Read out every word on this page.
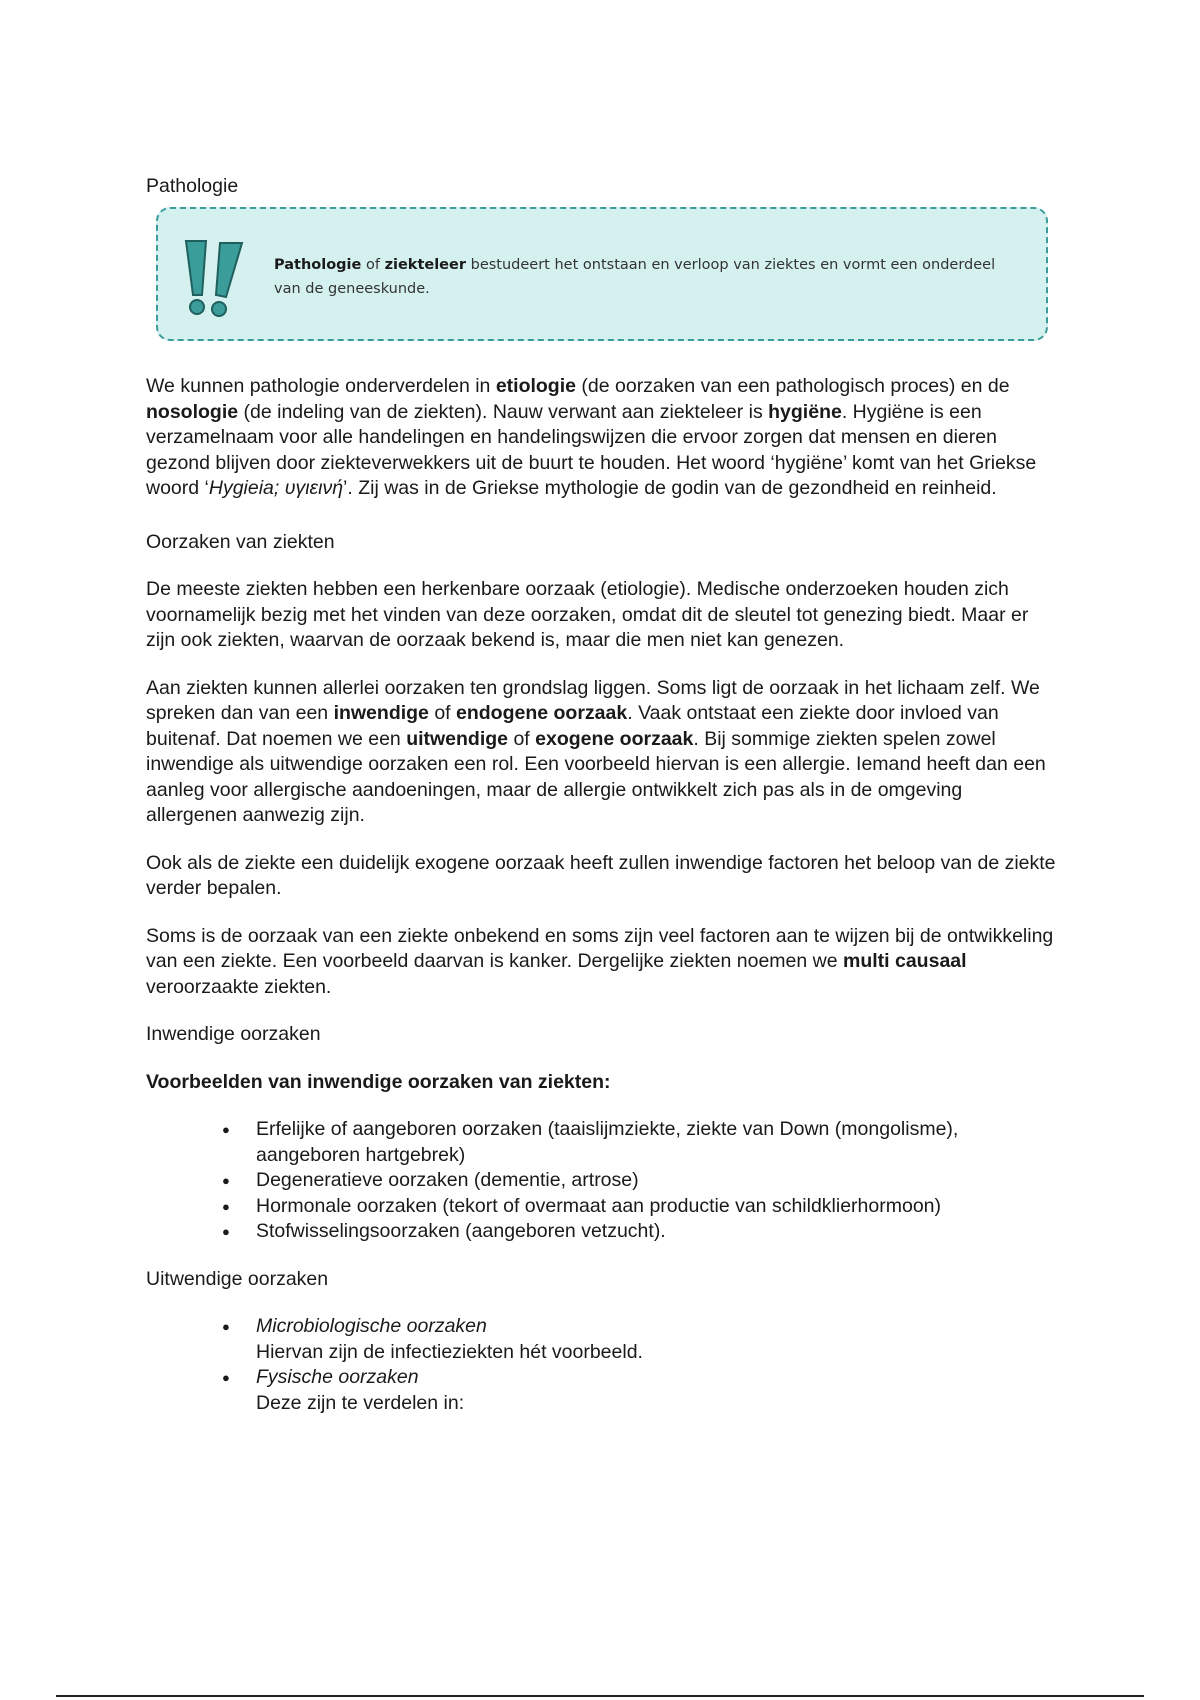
Pathologie

Pathologie of ziekteleer bestudeert het ontstaan en verloop van ziektes en vormt een onderdeel van de geneeskunde.

We kunnen pathologie onderverdelen in etiologie (de oorzaken van een pathologisch proces) en de nosologie (de indeling van de ziekten). Nauw verwant aan ziekteleer is hygiëne. Hygiëne is een verzamelnaam voor alle handelingen en handelingswijzen die ervoor zorgen dat mensen en dieren gezond blijven door ziekteverwekkers uit de buurt te houden. Het woord ‘hygiëne’ komt van het Griekse woord ‘Hygieia; υγιεινή’. Zij was in de Griekse mythologie de godin van de gezondheid en reinheid.

Oorzaken van ziekten

De meeste ziekten hebben een herkenbare oorzaak (etiologie). Medische onderzoeken houden zich voornamelijk bezig met het vinden van deze oorzaken, omdat dit de sleutel tot genezing biedt. Maar er zijn ook ziekten, waarvan de oorzaak bekend is, maar die men niet kan genezen.

Aan ziekten kunnen allerlei oorzaken ten grondslag liggen. Soms ligt de oorzaak in het lichaam zelf. We spreken dan van een inwendige of endogene oorzaak. Vaak ontstaat een ziekte door invloed van buitenaf. Dat noemen we een uitwendige of exogene oorzaak. Bij sommige ziekten spelen zowel inwendige als uitwendige oorzaken een rol. Een voorbeeld hiervan is een allergie. Iemand heeft dan een aanleg voor allergische aandoeningen, maar de allergie ontwikkelt zich pas als in de omgeving allergenen aanwezig zijn.

Ook als de ziekte een duidelijk exogene oorzaak heeft zullen inwendige factoren het beloop van de ziekte verder bepalen.

Soms is de oorzaak van een ziekte onbekend en soms zijn veel factoren aan te wijzen bij de ontwikkeling van een ziekte. Een voorbeeld daarvan is kanker. Dergelijke ziekten noemen we multi causaal veroorzaakte ziekten.

Inwendige oorzaken

Voorbeelden van inwendige oorzaken van ziekten:

● Erfelijke of aangeboren oorzaken (taaislijmziekte, ziekte van Down (mongolisme), aangeboren hartgebrek)
● Degeneratieve oorzaken (dementie, artrose)
● Hormonale oorzaken (tekort of overmaat aan productie van schildklierhormoon)
● Stofwisselingsoorzaken (aangeboren vetzucht).

Uitwendige oorzaken

● Microbiologische oorzaken
Hiervan zijn de infectieziekten hét voorbeeld.
● Fysische oorzaken
Deze zijn te verdelen in:
